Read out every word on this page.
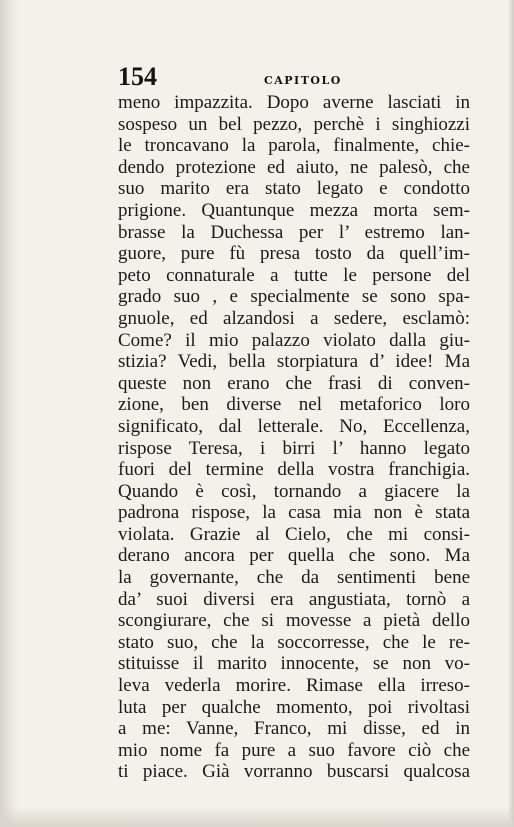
154	CAPITOLO
meno impazzita. Dopo averne lasciati in
sospeso un bel pezzo, perchè i singhiozzi
le troncavano la parola, finalmente, chie-
dendo protezione ed aiuto, ne palesò, che
suo marito era stato legato e condotto
prigione. Quantunque mezza morta sem-
brasse la Duchessa per l’ estremo lan-
guore, pure fù presa tosto da quell’im-
peto connaturale a tutte le persone del
grado suo , e specialmente se sono spa-
gnuole, ed alzandosi a sedere, esclamò:
Come? il mio palazzo violato dalla giu-
stizia? Vedi, bella storpiatura d’ idee! Ma
queste non erano che frasi di conven-
zione, ben diverse nel metaforico loro
significato, dal letterale. No, Eccellenza,
rispose Teresa, i birri l’ hanno legato
fuori del termine della vostra franchigia.
Quando è così, tornando a giacere la
padrona rispose, la casa mia non è stata
violata. Grazie al Cielo, che mi consi-
derano ancora per quella che sono. Ma
la governante, che da sentimenti bene
da’ suoi diversi era angustiata, tornò a
scongiurare, che si movesse a pietà dello
stato suo, che la soccorresse, che le re-
stituisse il marito innocente, se non vo-
leva vederla morire. Rimase ella irreso-
luta per qualche momento, poi rivoltasi
a me: Vanne, Franco, mi disse, ed in
mio nome fa pure a suo favore ciò che
ti piace. Già vorranno buscarsi qualcosa
